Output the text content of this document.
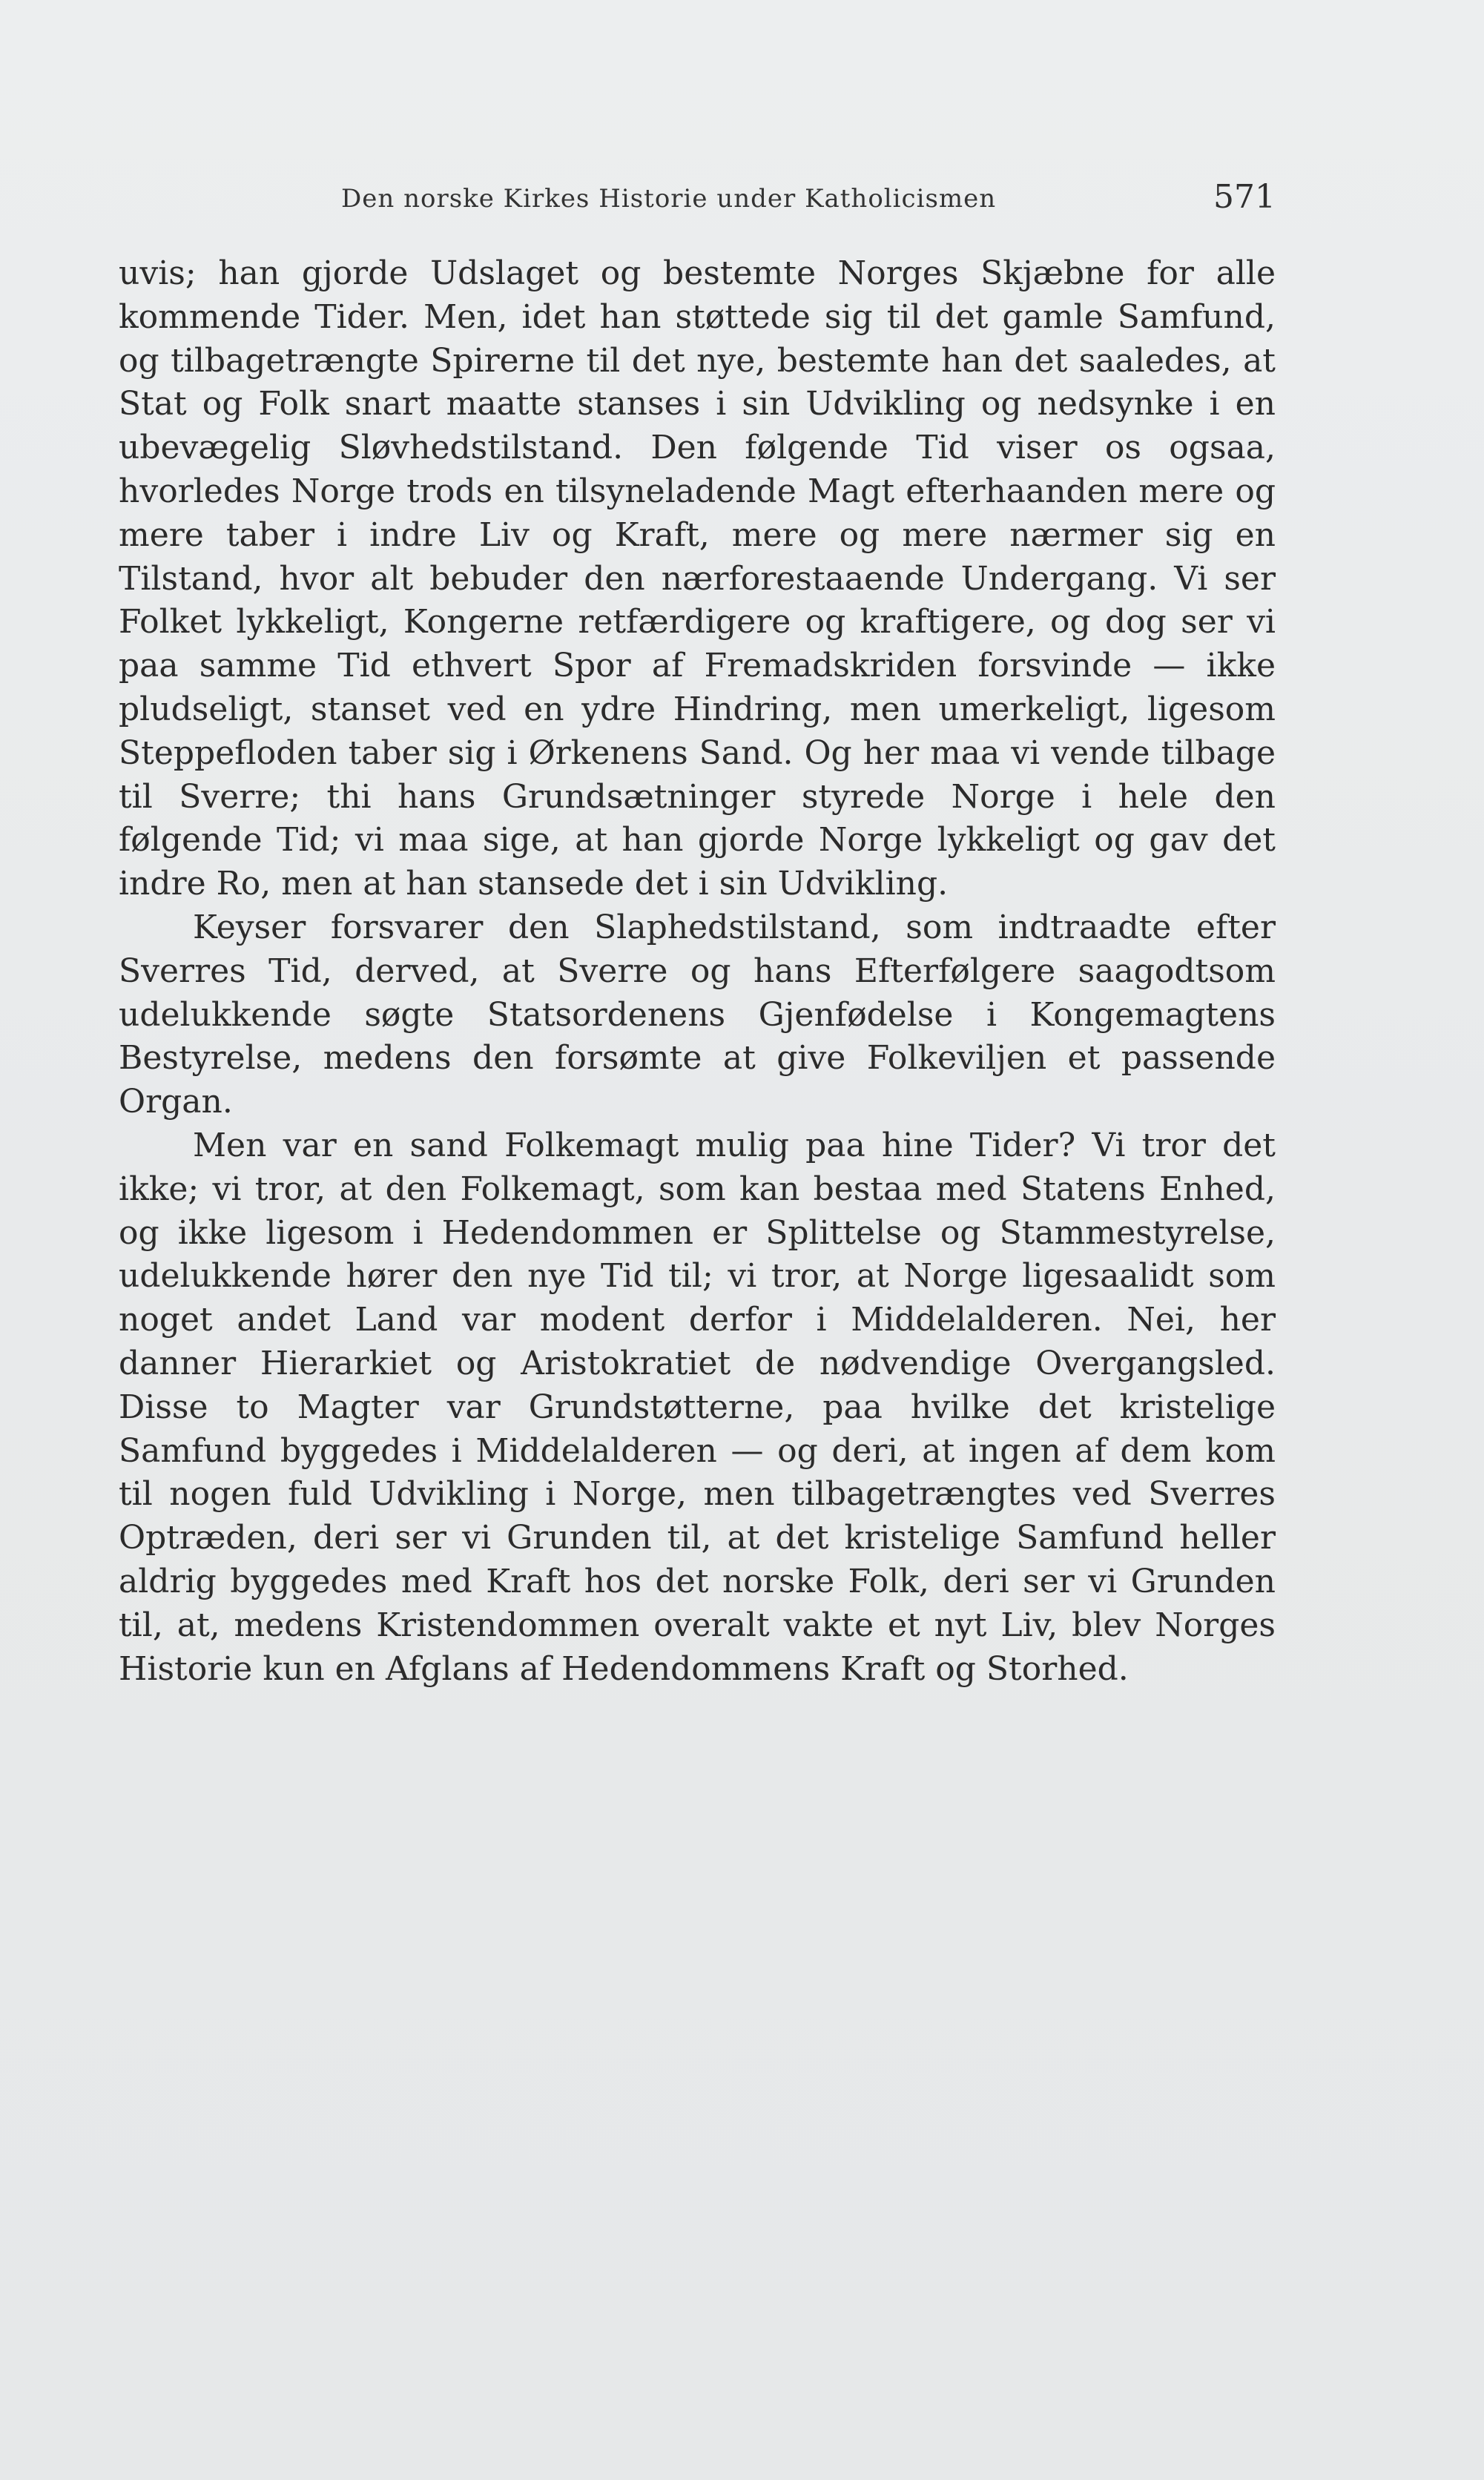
Den norske Kirkes Historie under Katholicismen	571

uvis; han gjorde Udslaget og bestemte Norges Skjæbne for alle kommende Tider. Men, idet han støttede sig til det gamle Samfund, og tilbagetrængte Spirerne til det nye, bestemte han det saaledes, at Stat og Folk snart maatte stanses i sin Udvikling og nedsynke i en ubevægelig Sløvhedstilstand. Den følgende Tid viser os ogsaa, hvorledes Norge trods en tilsyneladende Magt efterhaanden mere og mere taber i indre Liv og Kraft, mere og mere nærmer sig en Tilstand, hvor alt bebuder den nærforestaaende Undergang. Vi ser Folket lykkeligt, Kongerne retfærdigere og kraftigere, og dog ser vi paa samme Tid ethvert Spor af Fremadskriden forsvinde — ikke pludseligt, stanset ved en ydre Hindring, men umerkeligt, ligesom Steppefloden taber sig i Ørkenens Sand. Og her maa vi vende tilbage til Sverre; thi hans Grundsætninger styrede Norge i hele den følgende Tid; vi maa sige, at han gjorde Norge lykkeligt og gav det indre Ro, men at han stansede det i sin Udvikling.

Keyser forsvarer den Slaphedstilstand, som indtraadte efter Sverres Tid, derved, at Sverre og hans Efterfølgere saagodtsom udelukkende søgte Statsordenens Gjenfødelse i Kongemagtens Bestyrelse, medens den forsømte at give Folkeviljen et passende Organ.

Men var en sand Folkemagt mulig paa hine Tider? Vi tror det ikke; vi tror, at den Folkemagt, som kan bestaa med Statens Enhed, og ikke ligesom i Hedendommen er Splittelse og Stammestyrelse, udelukkende hører den nye Tid til; vi tror, at Norge ligesaalidt som noget andet Land var modent derfor i Middelalderen. Nei, her danner Hierarkiet og Aristokratiet de nødvendige Overgangsled. Disse to Magter var Grundstøtterne, paa hvilke det kristelige Samfund byggedes i Middelalderen — og deri, at ingen af dem kom til nogen fuld Udvikling i Norge, men tilbagetrængtes ved Sverres Optræden, deri ser vi Grunden til, at det kristelige Samfund heller aldrig byggedes med Kraft hos det norske Folk, deri ser vi Grunden til, at, medens Kristendommen overalt vakte et nyt Liv, blev Norges Historie kun en Afglans af Hedendommens Kraft og Storhed.
